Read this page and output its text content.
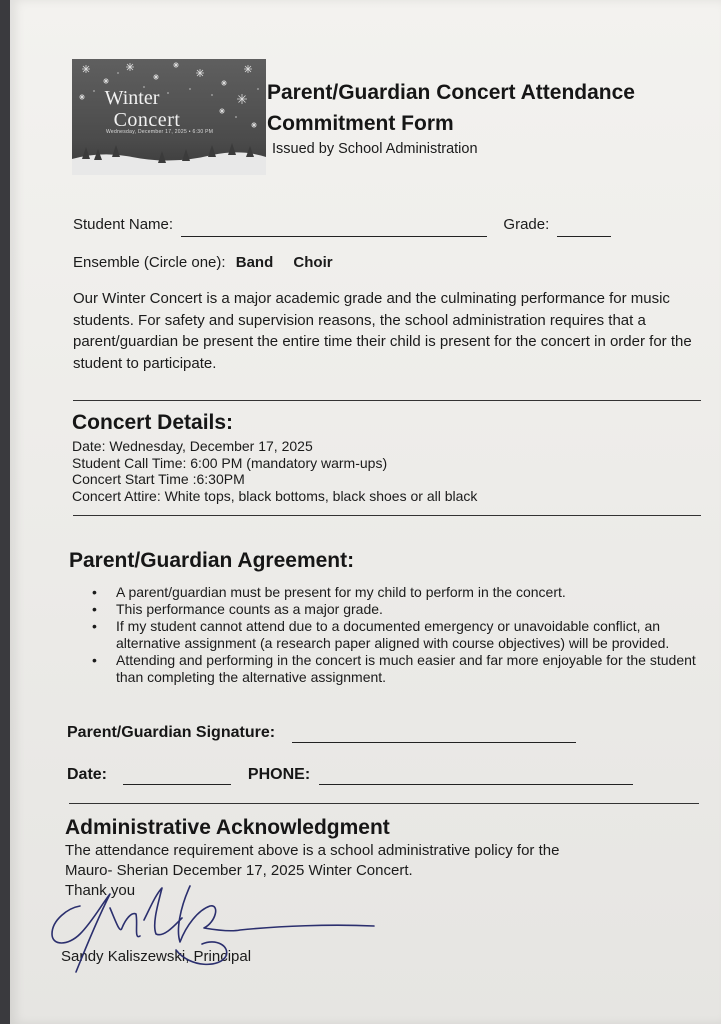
Winter
Concert
Wednesday, December 17, 2025 • 6:30 PM
Parent/Guardian Concert Attendance
Commitment Form
Issued by School Administration
Student Name:	Grade:
Ensemble (Circle one): Band Choir
Our Winter Concert is a major academic grade and the culminating performance for music students. For safety and supervision reasons, the school administration requires that a parent/guardian be present the entire time their child is present for the concert in order for the student to participate.
Concert Details:
Date: Wednesday, December 17, 2025
Student Call Time: 6:00 PM (mandatory warm-ups)
Concert Start Time :6:30PM
Concert Attire: White tops, black bottoms, black shoes or all black
Parent/Guardian Agreement:
• A parent/guardian must be present for my child to perform in the concert.
• This performance counts as a major grade.
• If my student cannot attend due to a documented emergency or unavoidable conflict, an alternative assignment (a research paper aligned with course objectives) will be provided.
• Attending and performing in the concert is much easier and far more enjoyable for the student than completing the alternative assignment.
Parent/Guardian Signature:
Date:	PHONE:
Administrative Acknowledgment
The attendance requirement above is a school administrative policy for the
Mauro- Sherian December 17, 2025 Winter Concert.
Thank you
Sandy Kaliszewski, Principal
